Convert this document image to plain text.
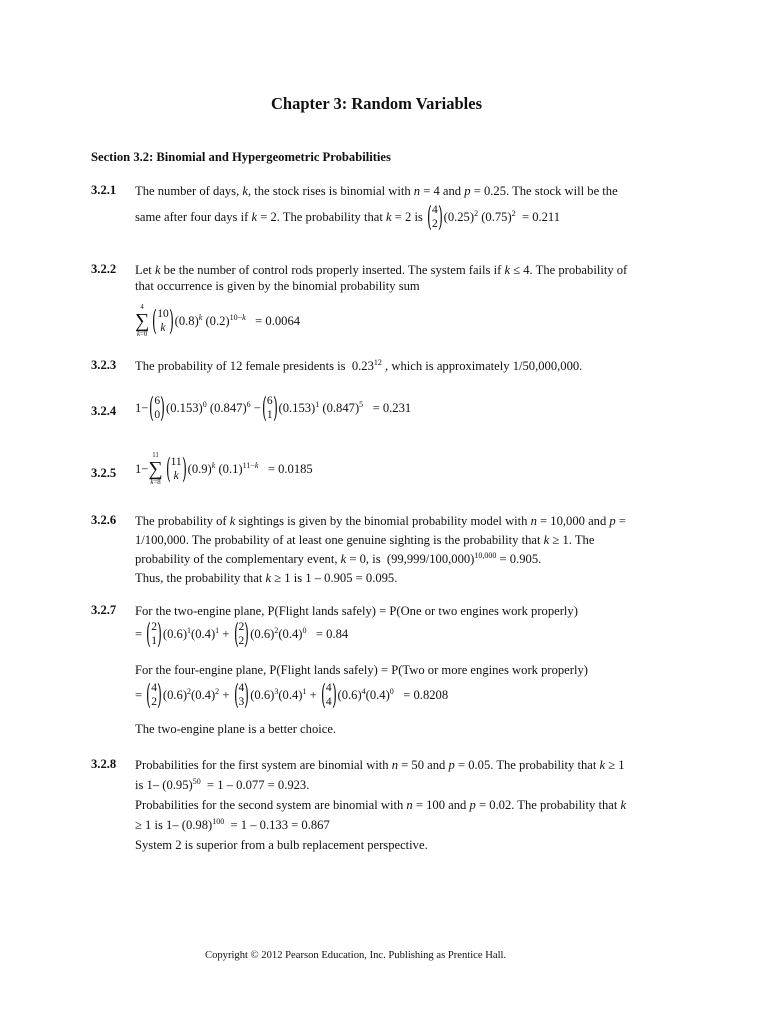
Chapter 3: Random Variables
Section 3.2: Binomial and Hypergeometric Probabilities
3.2.1 The number of days, k, the stock rises is binomial with n = 4 and p = 0.25. The stock will be the
same after four days if k = 2. The probability that k = 2 is ( 4
2 ) $(0.25)^2$ $(0.75)^2 = 0.211$
3.2.2 Let k be the number of control rods properly inserted. The system fails if k ≤ 4. The probability of
that occurrence is given by the binomial probability sum
4
∑
k=0 ( 10
k ) $(0.8)^k$ $(0.2)^{10-k} = 0.0064$
3.2.3 The probability of 12 female presidents is 0.23$^{12}$ , which is approximately 1/50,000,000.
3.2.4 1− ( 6
0 ) $(0.153)^0$ $(0.847)^6$ − ( 6
1 ) $(0.153)^1$ $(0.847)^5 = 0.231$
3.2.5 1−
11
∑
k=8 ( 11
k ) $(0.9)^k$ $(0.1)^{11-k} = 0.0185$
3.2.6 The probability of k sightings is given by the binomial probability model with n = 10,000 and p =
1/100,000. The probability of at least one genuine sighting is the probability that k ≥ 1. The
probability of the complementary event, k = 0, is  $(99,999/100,000)^{10,000} = 0.905$.
Thus, the probability that k ≥ 1 is 1 – 0.905 = 0.095.
3.2.7 For the two-engine plane, P(Flight lands safely) = P(One or two engines work properly)
= ( 2
1 ) $(0.6)^1(0.4)^1$ + ( 2
2 ) $(0.6)^2(0.4)^0 = 0.84$
For the four-engine plane, P(Flight lands safely) = P(Two or more engines work properly)
= ( 4
2 ) $(0.6)^2(0.4)^2$ + ( 4
3 ) $(0.6)^3(0.4)^1$ + ( 4
4 ) $(0.6)^4(0.4)^0 = 0.8208$
The two-engine plane is a better choice.
3.2.8 Probabilities for the first system are binomial with n = 50 and p = 0.05. The probability that k ≥ 1
is 1– $(0.95)^{50} = 1 - 0.077 = 0.923$.
Probabilities for the second system are binomial with n = 100 and p = 0.02. The probability that k
≥ 1 is 1– $(0.98)^{100} = 1 - 0.133 = 0.867$
System 2 is superior from a bulb replacement perspective.
Copyright © 2012 Pearson Education, Inc. Publishing as Prentice Hall.
